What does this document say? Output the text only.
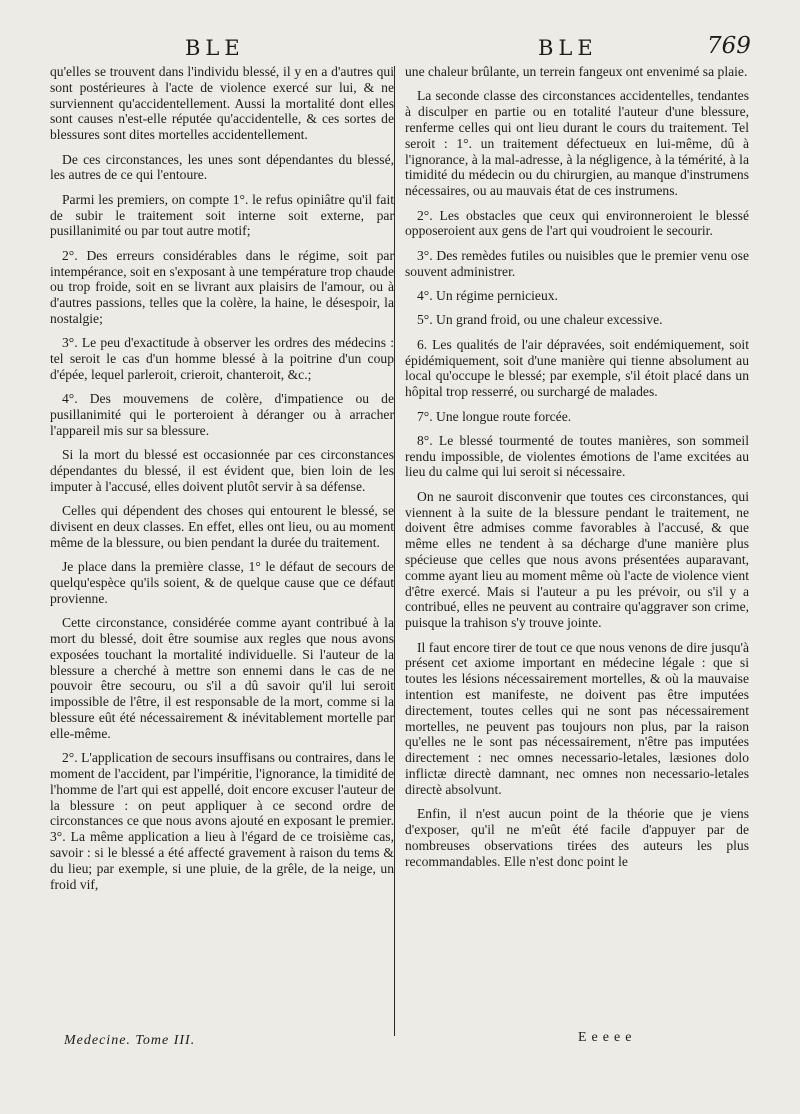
BLE	BLE	769

qu'elles se trouvent dans l'individu blessé, il y en a d'autres qui sont postérieures à l'acte de violence exercé sur lui, & ne surviennent qu'accidentellement. Aussi la mortalité dont elles sont causes n'est-elle réputée qu'accidentelle, & ces sortes de blessures sont dites mortelles accidentellement.

De ces circonstances, les unes sont dépendantes du blessé, les autres de ce qui l'entoure.

Parmi les premiers, on compte 1°. le refus opiniâtre qu'il fait de subir le traitement soit interne soit externe, par pusillanimité ou par tout autre motif;

2°. Des erreurs considérables dans le régime, soit par intempérance, soit en s'exposant à une température trop chaude ou trop froide, soit en se livrant aux plaisirs de l'amour, ou à d'autres passions, telles que la colère, la haine, le désespoir, la nostalgie;

3°. Le peu d'exactitude à observer les ordres des médecins : tel seroit le cas d'un homme blessé à la poitrine d'un coup d'épée, lequel parleroit, crieroit, chanteroit, &c.;

4°. Des mouvemens de colère, d'impatience ou de pusillanimité qui le porteroient à déranger ou à arracher l'appareil mis sur sa blessure.

Si la mort du blessé est occasionnée par ces circonstances dépendantes du blessé, il est évident que, bien loin de les imputer à l'accusé, elles doivent plutôt servir à sa défense.

Celles qui dépendent des choses qui entourent le blessé, se divisent en deux classes. En effet, elles ont lieu, ou au moment même de la blessure, ou bien pendant la durée du traitement.

Je place dans la première classe, 1° le défaut de secours de quelqu'espèce qu'ils soient, & de quelque cause que ce défaut provienne.

Cette circonstance, considérée comme ayant contribué à la mort du blessé, doit être soumise aux regles que nous avons exposées touchant la mortalité individuelle. Si l'auteur de la blessure a cherché à mettre son ennemi dans le cas de ne pouvoir être secouru, ou s'il a dû savoir qu'il lui seroit impossible de l'être, il est responsable de la mort, comme si la blessure eût été nécessairement & inévitablement mortelle par elle-même.

2°. L'application de secours insuffisans ou contraires, dans le moment de l'accident, par l'impéritie, l'ignorance, la timidité de l'homme de l'art qui est appellé, doit encore excuser l'auteur de la blessure : on peut appliquer à ce second ordre de circonstances ce que nous avons ajouté en exposant le premier. 3°. La même application a lieu à l'égard de ce troisième cas, savoir : si le blessé a été affecté gravement à raison du tems & du lieu; par exemple, si une pluie, de la grêle, de la neige, un froid vif,

une chaleur brûlante, un terrein fangeux ont envenimé sa plaie.

La seconde classe des circonstances accidentelles, tendantes à disculper en partie ou en totalité l'auteur d'une blessure, renferme celles qui ont lieu durant le cours du traitement. Tel seroit : 1°. un traitement défectueux en lui-même, dû à l'ignorance, à la mal-adresse, à la négligence, à la témérité, à la timidité du médecin ou du chirurgien, au manque d'instrumens nécessaires, ou au mauvais état de ces instrumens.

2°. Les obstacles que ceux qui environneroient le blessé opposeroient aux gens de l'art qui voudroient le secourir.

3°. Des remèdes futiles ou nuisibles que le premier venu ose souvent administrer.

4°. Un régime pernicieux.

5°. Un grand froid, ou une chaleur excessive.

6. Les qualités de l'air dépravées, soit endémiquement, soit épidémiquement, soit d'une manière qui tienne absolument au local qu'occupe le blessé; par exemple, s'il étoit placé dans un hôpital trop resserré, ou surchargé de malades.

7°. Une longue route forcée.

8°. Le blessé tourmenté de toutes manières, son sommeil rendu impossible, de violentes émotions de l'ame excitées au lieu du calme qui lui seroit si nécessaire.

On ne sauroit disconvenir que toutes ces circonstances, qui viennent à la suite de la blessure pendant le traitement, ne doivent être admises comme favorables à l'accusé, & que même elles ne tendent à sa décharge d'une manière plus spécieuse que celles que nous avons présentées auparavant, comme ayant lieu au moment même où l'acte de violence vient d'être exercé. Mais si l'auteur a pu les prévoir, ou s'il y a contribué, elles ne peuvent au contraire qu'aggraver son crime, puisque la trahison s'y trouve jointe.

Il faut encore tirer de tout ce que nous venons de dire jusqu'à présent cet axiome important en médecine légale : que si toutes les lésions nécessairement mortelles, & où la mauvaise intention est manifeste, ne doivent pas être imputées directement, toutes celles qui ne sont pas nécessairement mortelles, ne peuvent pas toujours non plus, par la raison qu'elles ne le sont pas nécessairement, n'être pas imputées directement : nec omnes necessario-letales, læsiones dolo inflictæ directè damnant, nec omnes non necessario-letales directè absolvunt.

Enfin, il n'est aucun point de la théorie que je viens d'exposer, qu'il ne m'eût été facile d'appuyer par de nombreuses observations tirées des auteurs les plus recommandables. Elle n'est donc point le

Medecine. Tome III.	Eeeee
